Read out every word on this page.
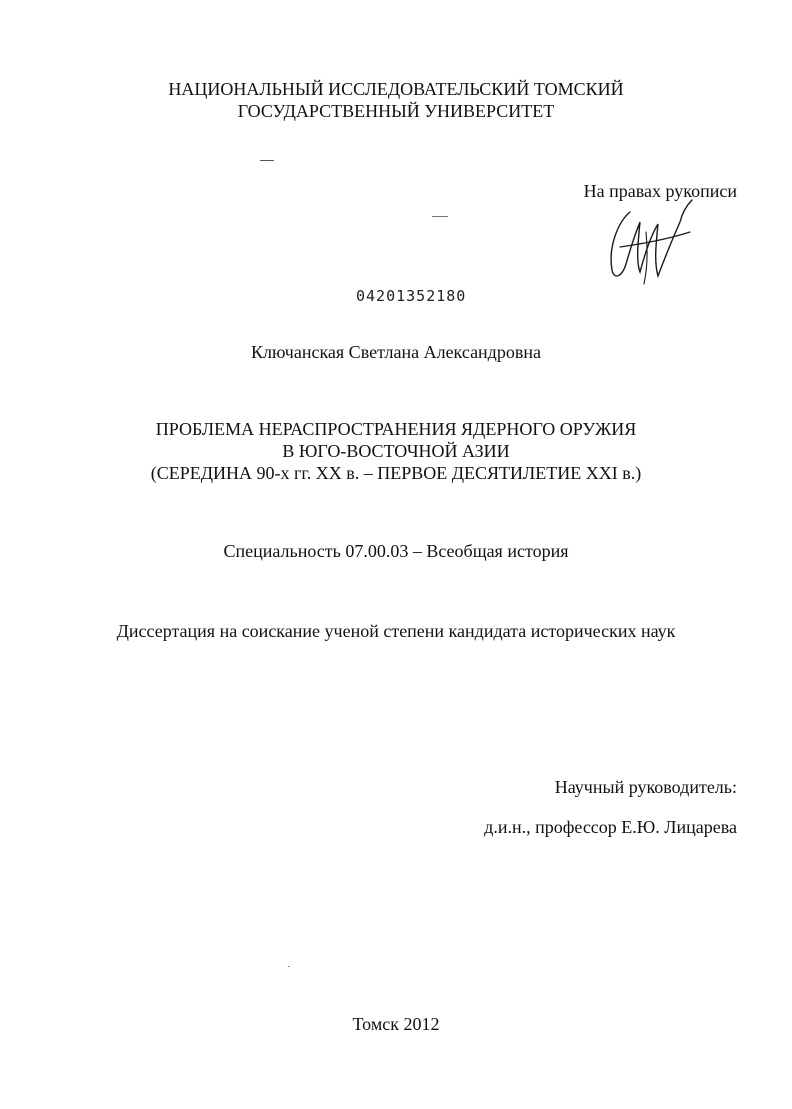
НАЦИОНАЛЬНЫЙ ИССЛЕДОВАТЕЛЬСКИЙ ТОМСКИЙ
ГОСУДАРСТВЕННЫЙ УНИВЕРСИТЕТ
На правах рукописи
04201352180
Ключанская Светлана Александровна
ПРОБЛЕМА НЕРАСПРОСТРАНЕНИЯ ЯДЕРНОГО ОРУЖИЯ
В ЮГО-ВОСТОЧНОЙ АЗИИ
(СЕРЕДИНА 90-х гг. XX в. – ПЕРВОЕ ДЕСЯТИЛЕТИЕ XXI в.)
Специальность 07.00.03 – Всеобщая история
Диссертация на соискание ученой степени кандидата исторических наук
Научный руководитель:
д.и.н., профессор Е.Ю. Лицарева
Томск 2012
